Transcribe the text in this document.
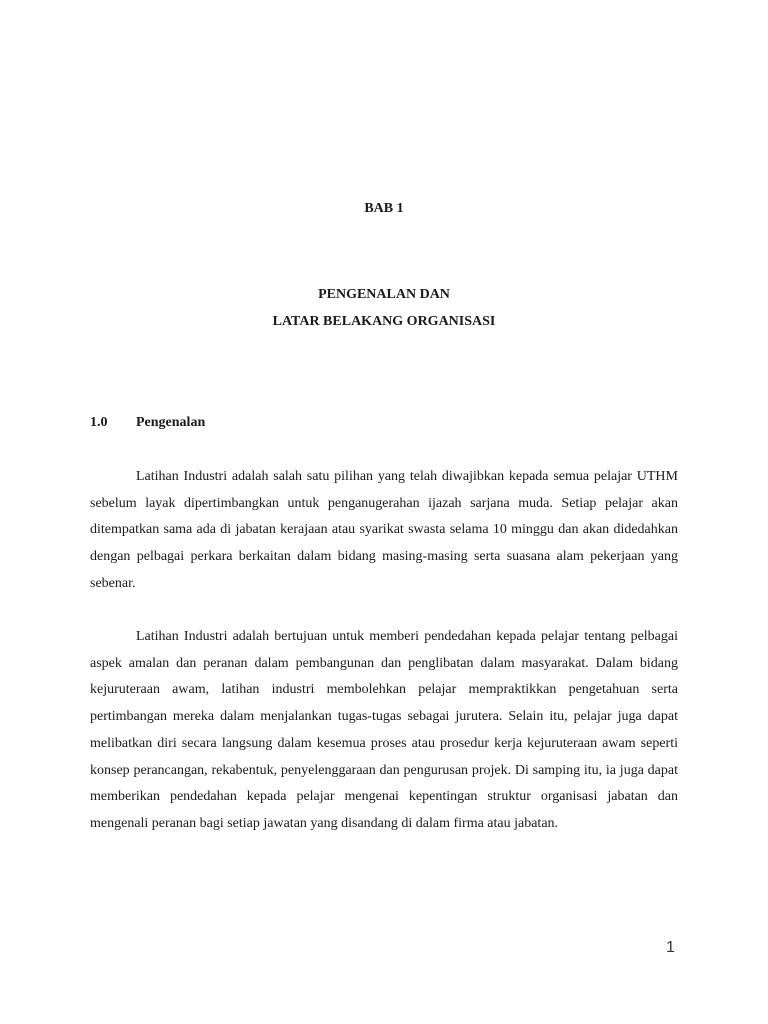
BAB 1
PENGENALAN DAN
LATAR BELAKANG ORGANISASI
1.0 Pengenalan

Latihan Industri adalah salah satu pilihan yang telah diwajibkan kepada semua pelajar UTHM sebelum layak dipertimbangkan untuk penganugerahan ijazah sarjana muda. Setiap pelajar akan ditempatkan sama ada di jabatan kerajaan atau syarikat swasta selama 10 minggu dan akan didedahkan dengan pelbagai perkara berkaitan dalam bidang masing-masing serta suasana alam pekerjaan yang sebenar.

Latihan Industri adalah bertujuan untuk memberi pendedahan kepada pelajar tentang pelbagai aspek amalan dan peranan dalam pembangunan dan penglibatan dalam masyarakat. Dalam bidang kejuruteraan awam, latihan industri membolehkan pelajar mempraktikkan pengetahuan serta pertimbangan mereka dalam menjalankan tugas-tugas sebagai jurutera. Selain itu, pelajar juga dapat melibatkan diri secara langsung dalam kesemua proses atau prosedur kerja kejuruteraan awam seperti konsep perancangan, rekabentuk, penyelenggaraan dan pengurusan projek. Di samping itu, ia juga dapat memberikan pendedahan kepada pelajar mengenai kepentingan struktur organisasi jabatan dan mengenali peranan bagi setiap jawatan yang disandang di dalam firma atau jabatan.

1
